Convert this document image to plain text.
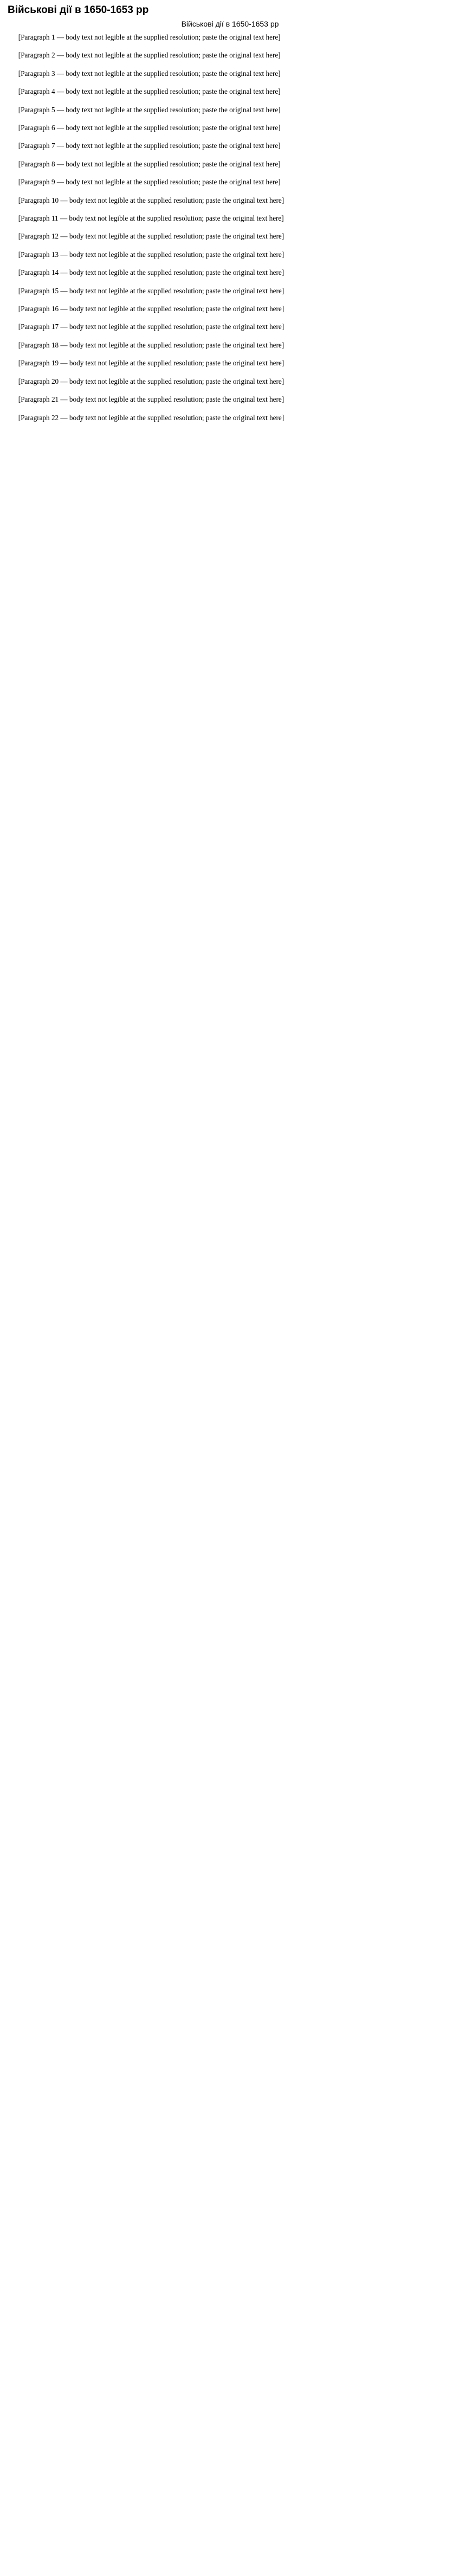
Військові дії в 1650-1653 рр
Військові дії в 1650-1653 рр

[Paragraph 1 — body text not legible at the supplied resolution; paste the original text here]

[Paragraph 2 — body text not legible at the supplied resolution; paste the original text here]

[Paragraph 3 — body text not legible at the supplied resolution; paste the original text here]

[Paragraph 4 — body text not legible at the supplied resolution; paste the original text here]

[Paragraph 5 — body text not legible at the supplied resolution; paste the original text here]

[Paragraph 6 — body text not legible at the supplied resolution; paste the original text here]

[Paragraph 7 — body text not legible at the supplied resolution; paste the original text here]

[Paragraph 8 — body text not legible at the supplied resolution; paste the original text here]

[Paragraph 9 — body text not legible at the supplied resolution; paste the original text here]

[Paragraph 10 — body text not legible at the supplied resolution; paste the original text here]

[Paragraph 11 — body text not legible at the supplied resolution; paste the original text here]

[Paragraph 12 — body text not legible at the supplied resolution; paste the original text here]

[Paragraph 13 — body text not legible at the supplied resolution; paste the original text here]

[Paragraph 14 — body text not legible at the supplied resolution; paste the original text here]

[Paragraph 15 — body text not legible at the supplied resolution; paste the original text here]

[Paragraph 16 — body text not legible at the supplied resolution; paste the original text here]

[Paragraph 17 — body text not legible at the supplied resolution; paste the original text here]

[Paragraph 18 — body text not legible at the supplied resolution; paste the original text here]

[Paragraph 19 — body text not legible at the supplied resolution; paste the original text here]

[Paragraph 20 — body text not legible at the supplied resolution; paste the original text here]

[Paragraph 21 — body text not legible at the supplied resolution; paste the original text here]

[Paragraph 22 — body text not legible at the supplied resolution; paste the original text here]
